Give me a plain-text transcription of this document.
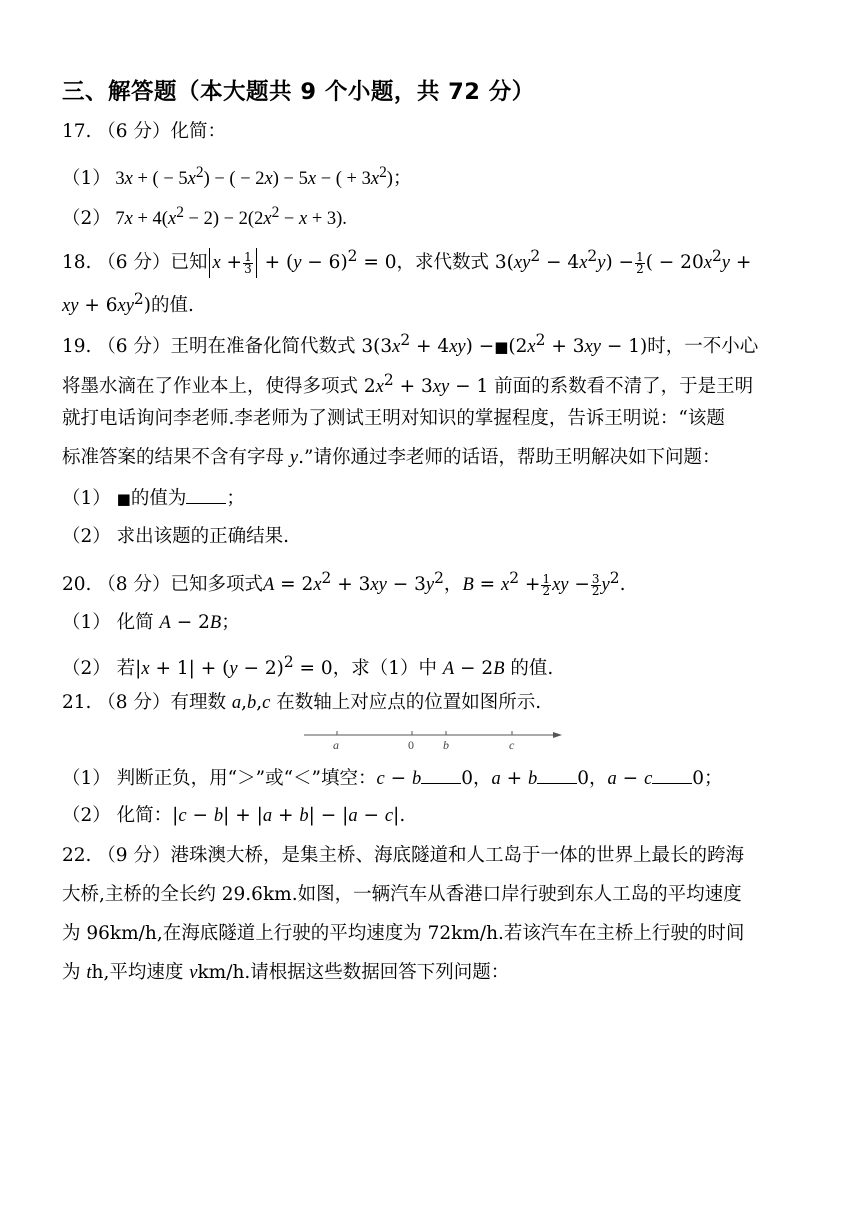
三、解答题（本大题共 9 个小题，共 72 分）
17. （6 分）化简：
（1） 3x + ( − $5x^2$) − ( − 2x) − 5x − ( + $3x^2$)；
（2） $7x + 4(x^2 - 2) - 2(2x^2 - x + 3)$.
18. （6 分）已知 $x + \frac{1}{3} + (y - 6)^2 = 0$，求代数式 $3(xy^2 - 4x^2y) - \frac{1}{2}$ ( − $20x^2y$ +
xy + $6xy^2$)的值.
19. （6 分）王明在准备化简代数式 $3(3x^2 + 4xy)$ $-■(2x^2 + 3xy - 1)$时，一不小心
将墨水滴在了作业本上，使得多项式 $2x^2 + 3xy - 1$ 前面的系数看不清了，于是王明
就打电话询问李老师.李老师为了测试王明对知识的掌握程度，告诉王明说：“该题
标准答案的结果不含有字母 y.”请你通过李老师的话语，帮助王明解决如下问题：
（1） ■的值为 ；
（2） 求出该题的正确结果.
20. （8 分）已知多项式$A = 2x^2 + 3xy - 3y^2$，$B = x^2 + \frac{1}{2}$ xy − $\frac{3}{2} y^2$.
（1） 化简 A − 2B；
（2） 若$|x + 1| + (y - 2)^2 = 0$，求（1）中 A − 2B 的值.
21. （8 分）有理数 a,b,c 在数轴上对应点的位置如图所示.
a	0 b	c
（1） 判断正负，用“＞”或“＜”填空：c − b 0，a + b 0，a − c 0；
（2） 化简：|c − b| + |a + b| − |a − c|.
22. （9 分）港珠澳大桥，是集主桥、海底隧道和人工岛于一体的世界上最长的跨海
大桥,主桥的全长约 29.6km.如图，一辆汽车从香港口岸行驶到东人工岛的平均速度
为 96km/h,在海底隧道上行驶的平均速度为 72km/h.若该汽车在主桥上行驶的时间
为 th,平均速度 vkm/h.请根据这些数据回答下列问题：
